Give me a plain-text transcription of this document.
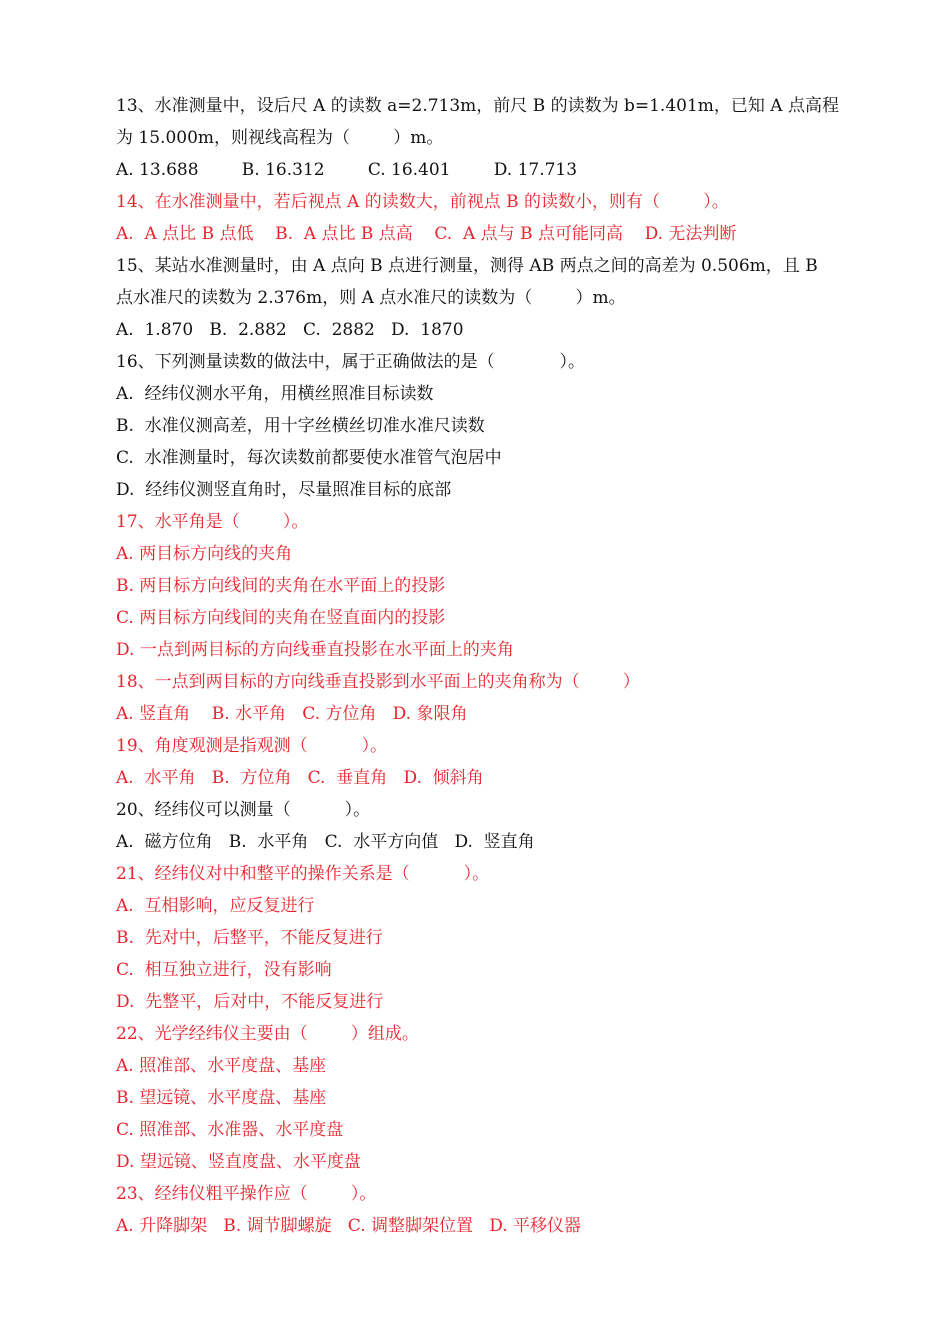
13、水准测量中，设后尺 A 的读数 a=2.713m，前尺 B 的读数为 b=1.401m，已知 A 点高程
为 15.000m，则视线高程为（        ）m。
A. 13.688        B. 16.312        C. 16.401        D. 17.713
14、在水准测量中，若后视点 A 的读数大，前视点 B 的读数小，则有（        ）。
A.  A 点比 B 点低    B.  A 点比 B 点高    C.  A 点与 B 点可能同高    D. 无法判断
15、某站水准测量时，由 A 点向 B 点进行测量，测得 AB 两点之间的高差为 0.506m，且 B
点水准尺的读数为 2.376m，则 A 点水准尺的读数为（        ）m。
A.  1.870   B.  2.882   C.  2882   D.  1870
16、下列测量读数的做法中，属于正确做法的是（            ）。
A.  经纬仪测水平角，用横丝照准目标读数
B.  水准仪测高差，用十字丝横丝切准水准尺读数
C.  水准测量时，每次读数前都要使水准管气泡居中
D.  经纬仪测竖直角时，尽量照准目标的底部
17、水平角是（        ）。
A. 两目标方向线的夹角
B. 两目标方向线间的夹角在水平面上的投影
C. 两目标方向线间的夹角在竖直面内的投影
D. 一点到两目标的方向线垂直投影在水平面上的夹角
18、一点到两目标的方向线垂直投影到水平面上的夹角称为（        ）
A. 竖直角    B. 水平角   C. 方位角   D. 象限角
19、角度观测是指观测（          ）。
A.  水平角   B.  方位角   C.  垂直角   D.  倾斜角
20、经纬仪可以测量（          ）。
A.  磁方位角   B.  水平角   C.  水平方向值   D.  竖直角
21、经纬仪对中和整平的操作关系是（          ）。
A.  互相影响，应反复进行
B.  先对中，后整平，不能反复进行
C.  相互独立进行，没有影响
D.  先整平，后对中，不能反复进行
22、光学经纬仪主要由（        ）组成。
A. 照准部、水平度盘、基座
B. 望远镜、水平度盘、基座
C. 照准部、水准器、水平度盘
D. 望远镜、竖直度盘、水平度盘
23、经纬仪粗平操作应（        ）。
A. 升降脚架   B. 调节脚螺旋   C. 调整脚架位置   D. 平移仪器
